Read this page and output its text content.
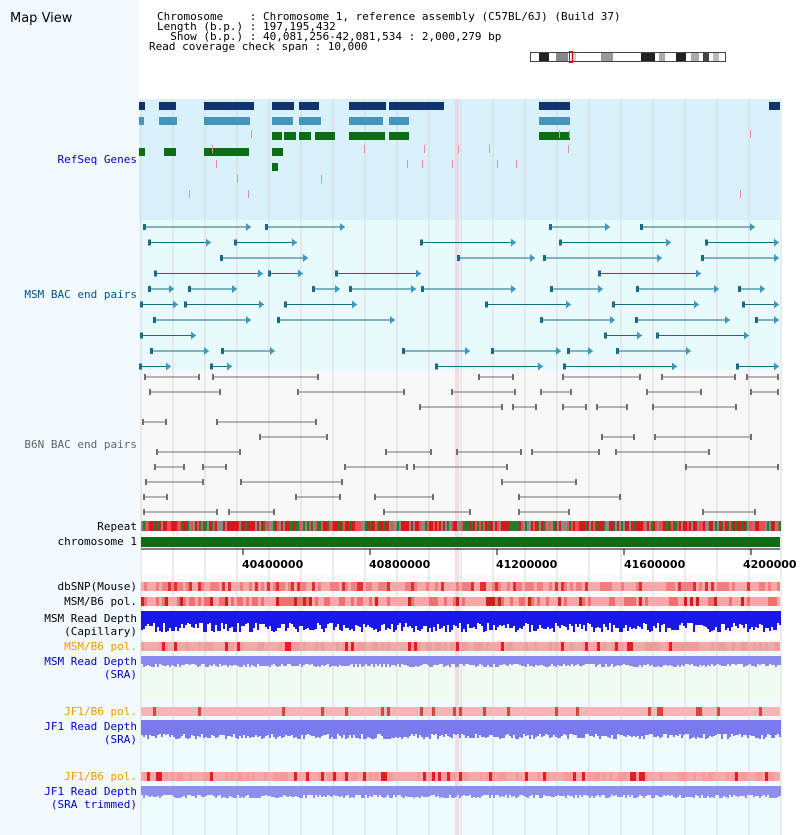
Map View	Chromosome    : Chromosome 1, reference assembly (C57BL/6J) (Build 37)
Length (b.p.) : 197,195,432
Show (b.p.) : 40,081,256-42,081,534 : 2,000,279 bp
Read coverage check span : 10,000
RefSeq Genes
MSM BAC end pairs
B6N BAC end pairs
Repeat
chromosome 1
dbSNP(Mouse)
MSM/B6 pol.
MSM Read Depth
(Capillary)
MSM/B6 pol.
MSM Read Depth
(SRA)
JF1/B6 pol.
JF1 Read Depth
(SRA)
JF1/B6 pol.
JF1 Read Depth
(SRA trimmed)
40400000	40800000	41200000	41600000	4200000
